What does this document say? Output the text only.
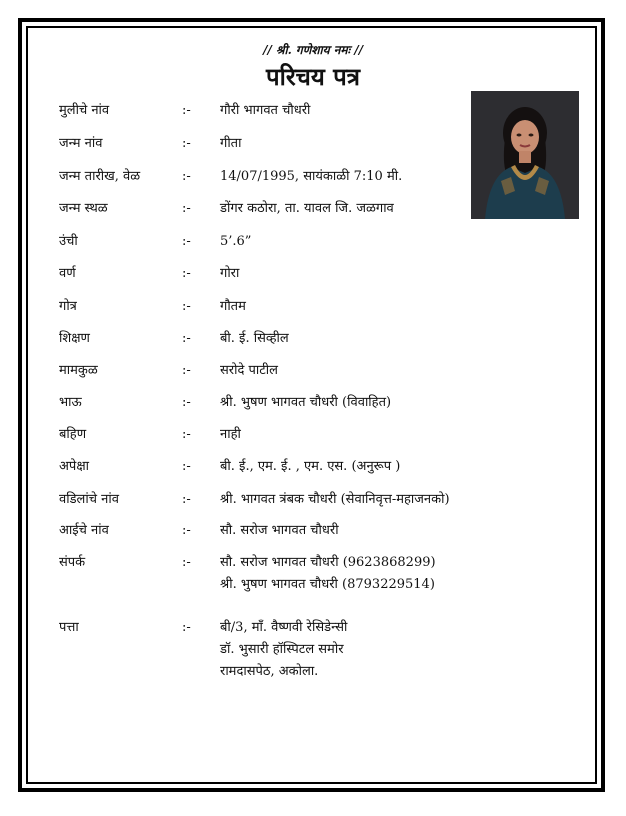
// श्री. गणेशाय नमः //
परिचय पत्र
मुलीचे नांव	:- गौरी भागवत चौधरी
जन्म नांव	:- गीता
जन्म तारीख, वेळ	:- 14/07/1995, सायंकाळी 7:10 मी.
जन्म स्थळ	:- डोंगर कठोरा, ता. यावल जि. जळगाव
उंची	:- 5’.6”
वर्ण	:- गोरा
गोत्र	:- गौतम
शिक्षण	:- बी. ई. सिव्हील
मामकुळ	:- सरोदे पाटील
भाऊ	:- श्री. भुषण भागवत चौधरी (विवाहित)
बहिण	:- नाही
अपेक्षा	:- बी. ई., एम. ई. , एम. एस. (अनुरूप )
वडिलांचे नांव	:- श्री. भागवत त्रंबक चौधरी (सेवानिवृत्त-महाजनको)
आईचे नांव	:- सौ. सरोज भागवत चौधरी
संपर्क	:- सौ. सरोज भागवत चौधरी (9623868299)
श्री. भुषण भागवत चौधरी (8793229514)
पत्ता	:- बी/3, माँ. वैष्णवी रेसिडेन्सी
डॉ. भुसारी हॉस्पिटल समोर
रामदासपेठ, अकोला.
